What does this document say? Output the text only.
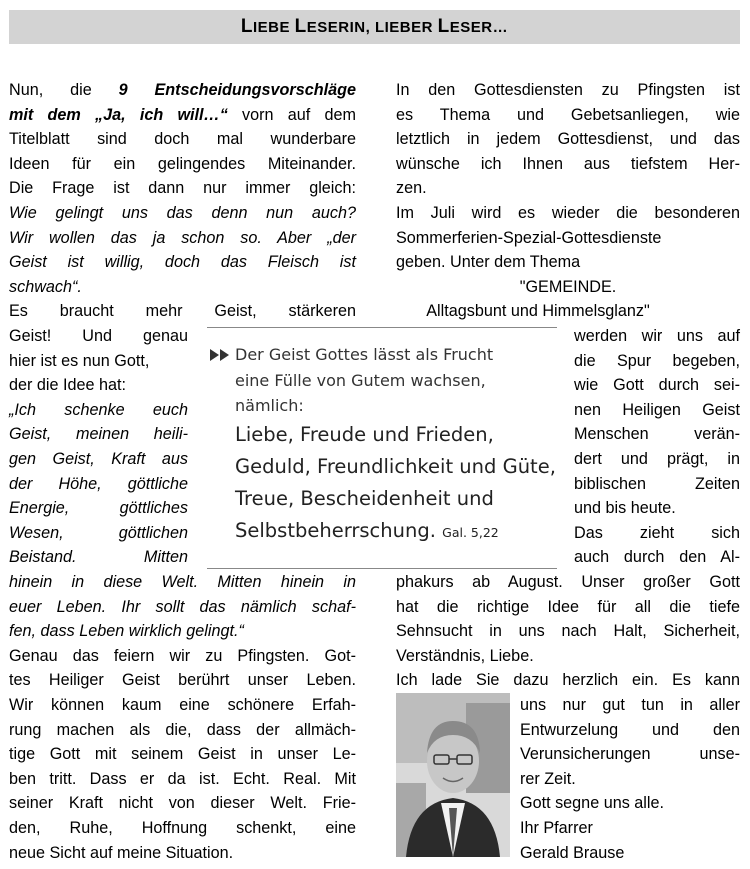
LIEBE LESERIN, LIEBER LESER…
Nun, die 9 Entscheidungsvorschläge
mit dem „Ja, ich will…“ vorn auf dem
Titelblatt sind doch mal wunderbare
Ideen für ein gelingendes Miteinander.
Die Frage ist dann nur immer gleich:
Wie gelingt uns das denn nun auch?
Wir wollen das ja schon so. Aber „der
Geist ist willig, doch das Fleisch ist
schwach“.
Es braucht mehr Geist, stärkeren
Geist! Und genau
hier ist es nun Gott,
der die Idee hat:
„Ich schenke euch
Geist, meinen heili-
gen Geist, Kraft aus
der Höhe, göttliche
Energie, göttliches
Wesen, göttlichen
Beistand. Mitten
hinein in diese Welt. Mitten hinein in
euer Leben. Ihr sollt das nämlich schaf-
fen, dass Leben wirklich gelingt.“
Genau das feiern wir zu Pfingsten. Got-
tes Heiliger Geist berührt unser Leben.
Wir können kaum eine schönere Erfah-
rung machen als die, dass der allmäch-
tige Gott mit seinem Geist in unser Le-
ben tritt. Dass er da ist. Echt. Real. Mit
seiner Kraft nicht von dieser Welt. Frie-
den, Ruhe, Hoffnung schenkt, eine
neue Sicht auf meine Situation.
In den Gottesdiensten zu Pfingsten ist
es Thema und Gebetsanliegen, wie
letztlich in jedem Gottesdienst, und das
wünsche ich Ihnen aus tiefstem Her-
zen.
Im Juli wird es wieder die besonderen
Sommerferien-Spezial-Gottesdienste
geben. Unter dem Thema
"GEMEINDE.
Alltagsbunt und Himmelsglanz"
werden wir uns auf
die Spur begeben,
wie Gott durch sei-
nen Heiligen Geist
Menschen verän-
dert und prägt, in
biblischen Zeiten
und bis heute.
Das zieht sich
auch durch den Al-
phakurs ab August. Unser großer Gott
hat die richtige Idee für all die tiefe
Sehnsucht in uns nach Halt, Sicherheit,
Verständnis, Liebe.
Ich lade Sie dazu herzlich ein. Es kann
uns nur gut tun in aller
Entwurzelung und den
Verunsicherungen unse-
rer Zeit.
Gott segne uns alle.
Ihr Pfarrer
Gerald Brause
Der Geist Gottes lässt als Frucht
eine Fülle von Gutem wachsen,
nämlich:
Liebe, Freude und Frieden,
Geduld, Freundlichkeit und Güte,
Treue, Bescheidenheit und
Selbstbeherrschung. Gal. 5,22
